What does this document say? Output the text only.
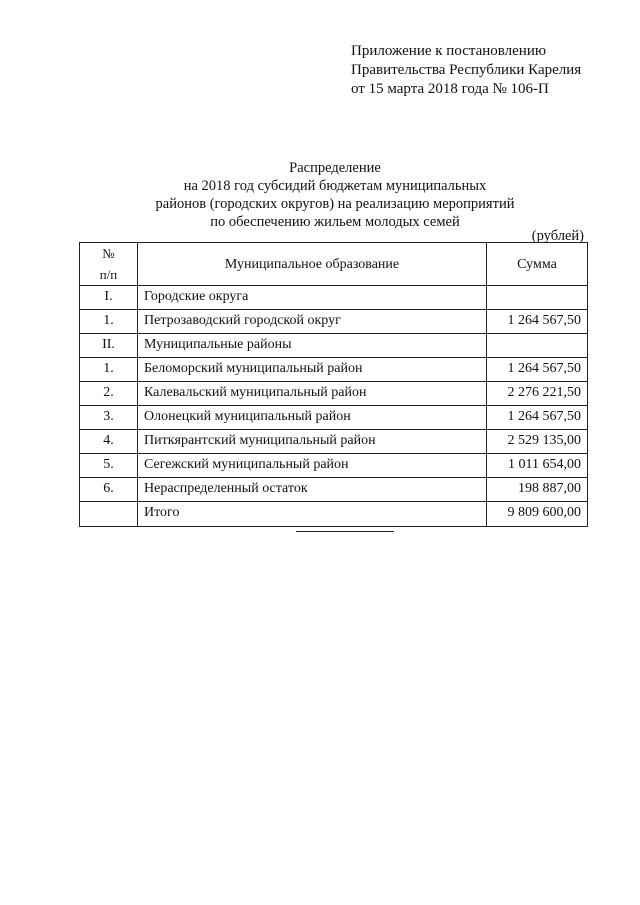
Приложение к постановлению
Правительства Республики Карелия
от 15 марта 2018 года № 106-П
Распределение
на 2018 год субсидий бюджетам муниципальных
районов (городских округов) на реализацию мероприятий
по обеспечению жильем молодых семей
(рублей)
№
п/п	Муниципальное образование	Сумма
I.	Городские округа	
1.	Петрозаводский городской округ	1 264 567,50
II.	Муниципальные районы	
1.	Беломорский муниципальный район	1 264 567,50
2.	Калевальский муниципальный район	2 276 221,50
3.	Олонецкий муниципальный район	1 264 567,50
4.	Питкярантский муниципальный район	2 529 135,00
5.	Сегежский муниципальный район	1 011 654,00
6.	Нераспределенный остаток	198 887,00
	Итого	9 809 600,00
